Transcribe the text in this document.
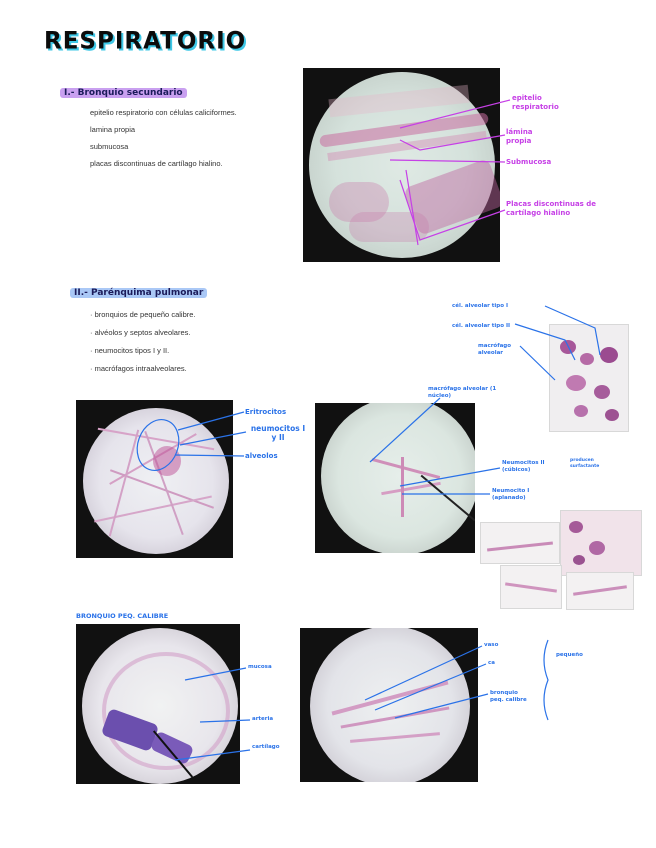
RESPIRATORIO
I.- Bronquio secundario
epitelio respiratorio con células caliciformes.
lamina propia
submucosa
placas discontinuas de cartílago hialino.
epitelio respiratorio
lámina propia
Submucosa
Placas discontinuas de cartílago hialino
II.- Parénquima pulmonar
· bronquios de pequeño calibre.
· alvéolos y septos alveolares.
· neumocitos tipos I y II.
· macrófagos intraalveolares.
cél. alveolar tipo I
cél. alveolar tipo II
macrófago alveolar
Eritrocitos
neumocitos I y II
alveolos
macrófago alveolar (1 núcleo)
Neumocitos II (cúbicos)
producen surfactante
Neumocito I (aplanado)
BRONQUIO PEQ. CALIBRE
mucosa
arteria
cartílago
vaso
ca
bronquio peq. calibre
pequeño
